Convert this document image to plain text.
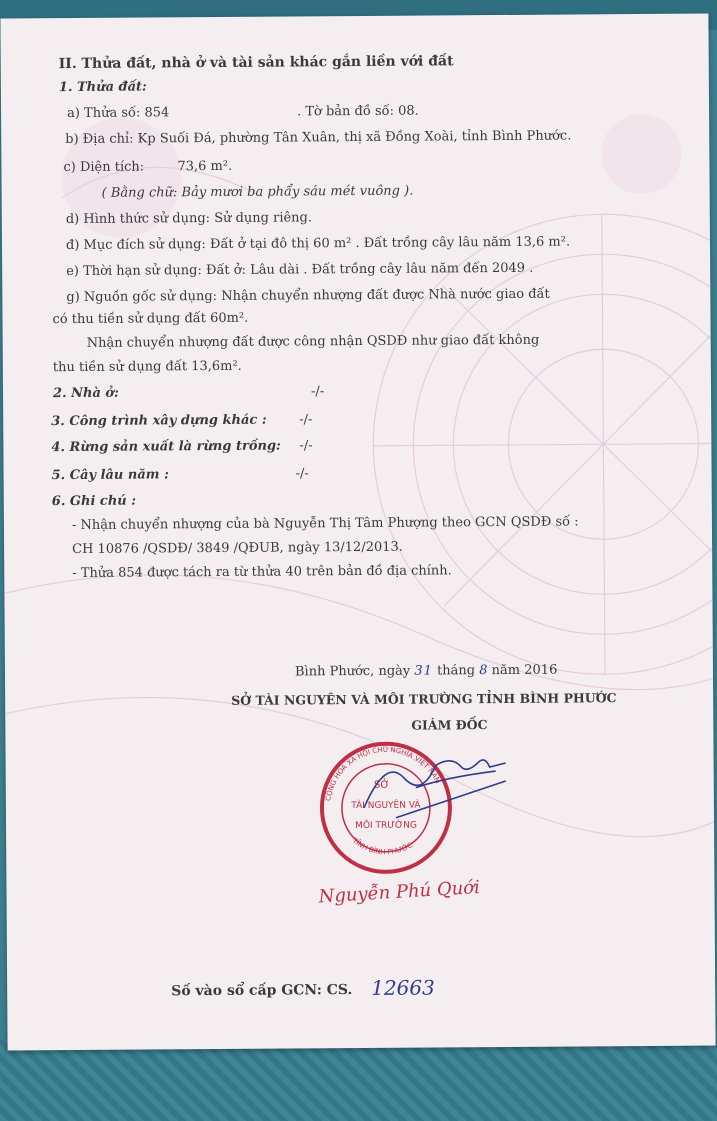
II. Thửa đất, nhà ở và tài sản khác gắn liền với đất
1. Thửa đất:
a) Thửa số: 854	. Tờ bản đồ số: 08.
b) Địa chỉ: Kp Suối Đá, phường Tân Xuân, thị xã Đồng Xoài, tỉnh Bình Phước.
c) Diện tích:	73,6 m².
( Bằng chữ: Bảy mươi ba phẩy sáu mét vuông ).
d) Hình thức sử dụng: Sử dụng riêng.
đ) Mục đích sử dụng: Đất ở tại đô thị 60 m² . Đất trồng cây lâu năm 13,6 m².
e) Thời hạn sử dụng: Đất ở: Lâu dài . Đất trồng cây lâu năm đến 2049 .
g) Nguồn gốc sử dụng: Nhận chuyển nhượng đất được Nhà nước giao đất
có thu tiền sử dụng đất 60m².
Nhận chuyển nhượng đất được công nhận QSDĐ như giao đất không
thu tiền sử dụng đất 13,6m².
2. Nhà ở:	-/-
3. Công trình xây dựng khác :	-/-
4. Rừng sản xuất là rừng trồng: -/-
5. Cây lâu năm :	-/-
6. Ghi chú :
- Nhận chuyển nhượng của bà Nguyễn Thị Tâm Phượng theo GCN QSDĐ số :
CH 10876 /QSDĐ/ 3849 /QĐUB, ngày 13/12/2013.
- Thửa 854 được tách ra từ thửa 40 trên bản đồ địa chính.
Bình Phước, ngày 31 tháng 8 năm 2016
SỞ TÀI NGUYÊN VÀ MÔI TRƯỜNG TỈNH BÌNH PHƯỚC
GIÁM ĐỐC
CỘNG HÒA XÃ HỘI CHỦ NGHĨA VIỆT NAM
TỈNH BÌNH PHƯỚC
SỞ
TÀI NGUYÊN VÀ
MÔI TRƯỜNG
Nguyễn Phú Quới
Số vào sổ cấp GCN: CS. 12663
